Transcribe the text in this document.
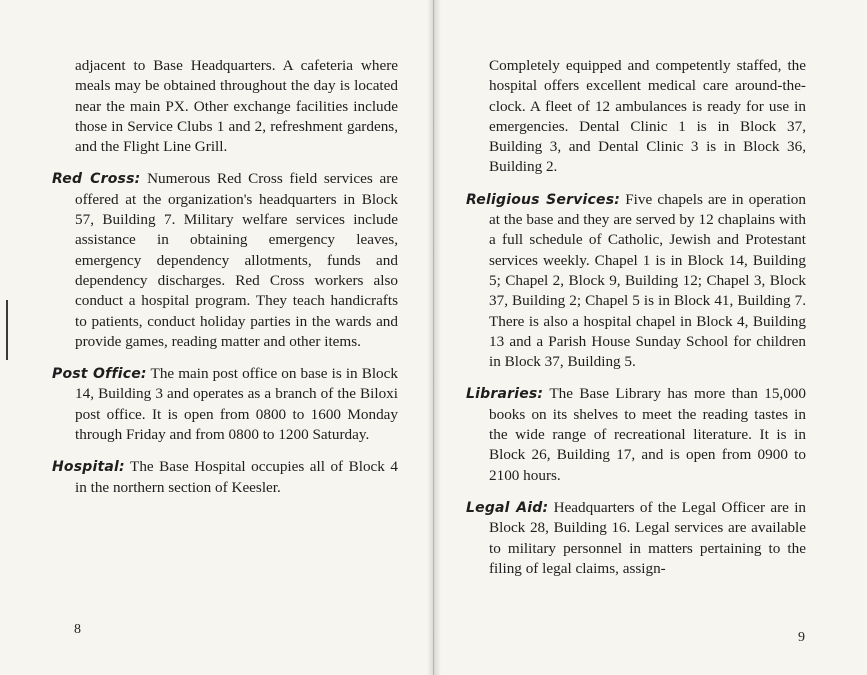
adjacent to Base Headquarters. A cafeteria where meals may be obtained throughout the day is located near the main PX. Other exchange facilities include those in Service Clubs 1 and 2, refreshment gardens, and the Flight Line Grill.

Red Cross: Numerous Red Cross field services are offered at the organization's headquarters in Block 57, Building 7. Military welfare services include assistance in obtaining emergency leaves, emergency dependency allotments, funds and dependency discharges. Red Cross workers also conduct a hospital program. They teach handicrafts to patients, conduct holiday parties in the wards and provide games, reading matter and other items.

Post Office: The main post office on base is in Block 14, Building 3 and operates as a branch of the Biloxi post office. It is open from 0800 to 1600 Monday through Friday and from 0800 to 1200 Saturday.

Hospital: The Base Hospital occupies all of Block 4 in the northern section of Keesler.

Completely equipped and competently staffed, the hospital offers excellent medical care around-the-clock. A fleet of 12 ambulances is ready for use in emergencies. Dental Clinic 1 is in Block 37, Building 3, and Dental Clinic 3 is in Block 36, Building 2.

Religious Services: Five chapels are in operation at the base and they are served by 12 chaplains with a full schedule of Catholic, Jewish and Protestant services weekly. Chapel 1 is in Block 14, Building 5; Chapel 2, Block 9, Building 12; Chapel 3, Block 37, Building 2; Chapel 5 is in Block 41, Building 7. There is also a hospital chapel in Block 4, Building 13 and a Parish House Sunday School for children in Block 37, Building 5.

Libraries: The Base Library has more than 15,000 books on its shelves to meet the reading tastes in the wide range of recreational literature. It is in Block 26, Building 17, and is open from 0900 to 2100 hours.

Legal Aid: Headquarters of the Legal Officer are in Block 28, Building 16. Legal services are available to military personnel in matters pertaining to the filing of legal claims, assign-

8
9
